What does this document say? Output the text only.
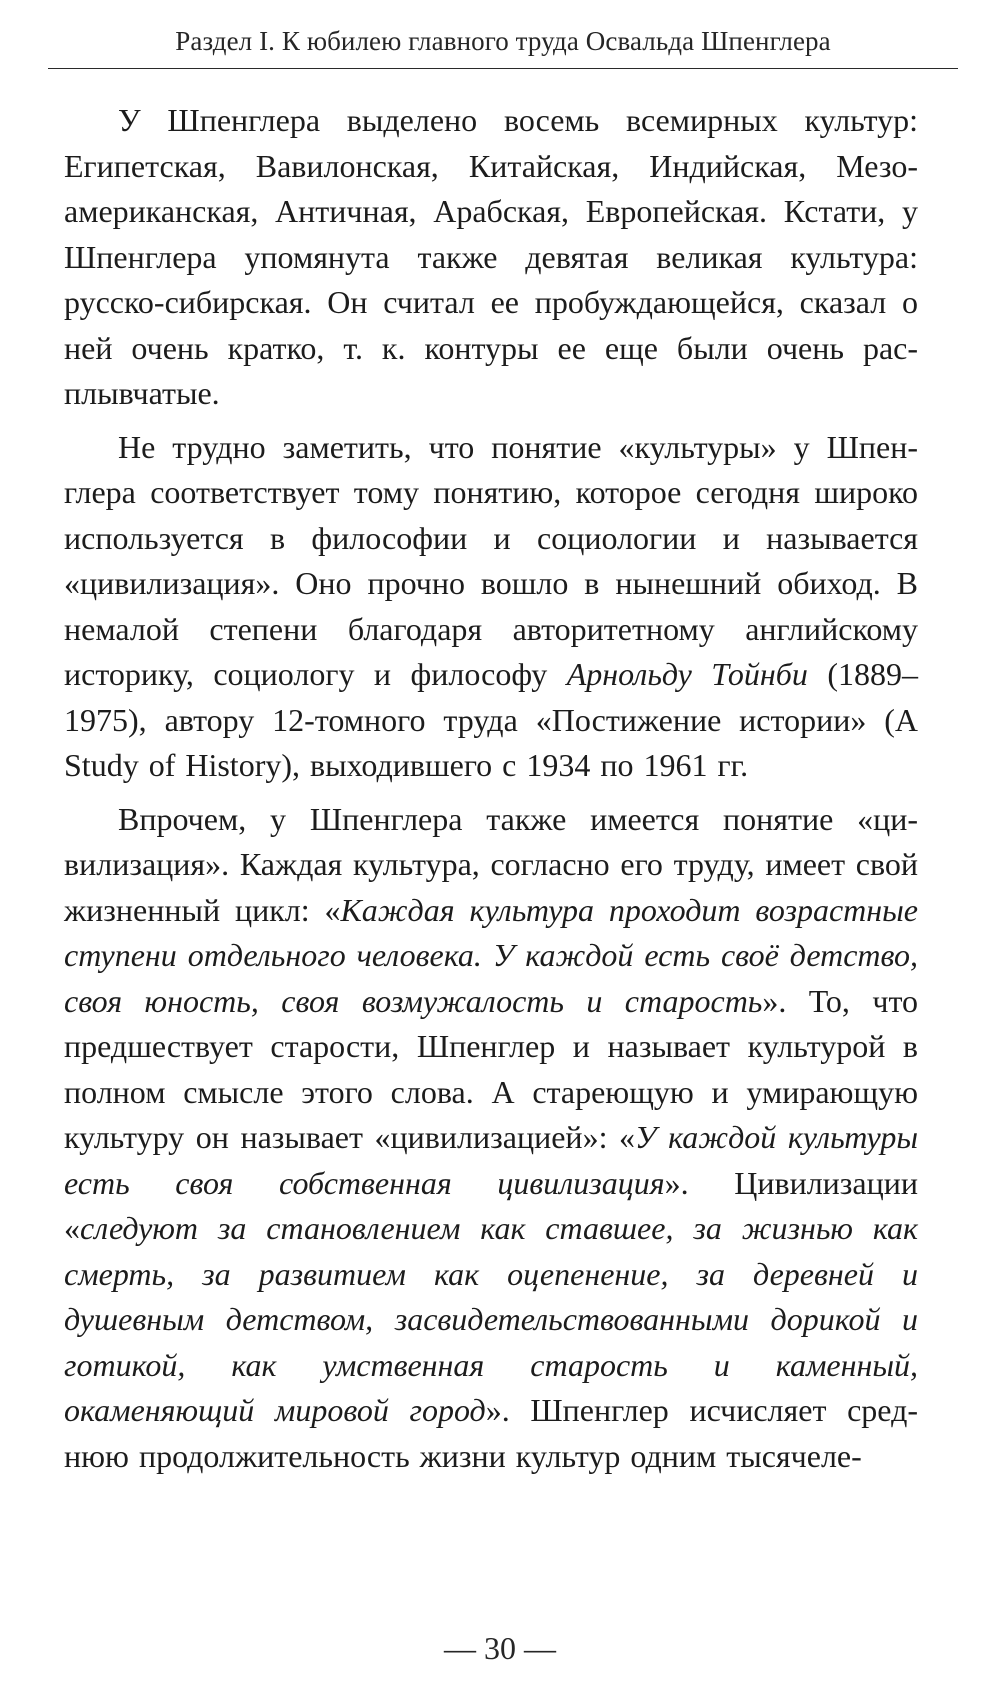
Раздел I. К юбилею главного труда Освальда Шпенглера

У Шпенглера выделено восемь всемирных культур: Египетская, Вавилонская, Китайская, Индийская, Мезоамериканская, Античная, Арабская, Европейская. Кстати, у Шпенглера упомянута также девятая великая культура: русско-сибирская. Он считал ее пробуждающейся, сказал о ней очень кратко, т. к. контуры ее еще были очень расплывчатые.

Не трудно заметить, что понятие «культуры» у Шпенглера соответствует тому понятию, которое сегодня широко используется в философии и социологии и называется «цивилизация». Оно прочно вошло в нынешний обиход. В немалой степени благодаря авторитетному английскому историку, социологу и философу Арнольду Тойнби (1889–1975), автору 12-томного труда «Постижение истории» (A Study of History), выходившего с 1934 по 1961 гг.

Впрочем, у Шпенглера также имеется понятие «цивилизация». Каждая культура, согласно его труду, имеет свой жизненный цикл: «Каждая культура проходит возрастные ступени отдельного человека. У каждой есть своё детство, своя юность, своя возмужалость и старость». То, что предшествует старости, Шпенглер и называет культурой в полном смысле этого слова. А стареющую и умирающую культуру он называет «цивилизацией»: «У каждой культуры есть своя собственная цивилизация». Цивилизации «следуют за становлением как ставшее, за жизнью как смерть, за развитием как оцепенение, за деревней и душевным детством, засвидетельствованными дорикой и готикой, как умственная старость и каменный, окаменяющий мировой город». Шпенглер исчисляет среднюю продолжительность жизни культур одним тысячеле-

— 30 —
